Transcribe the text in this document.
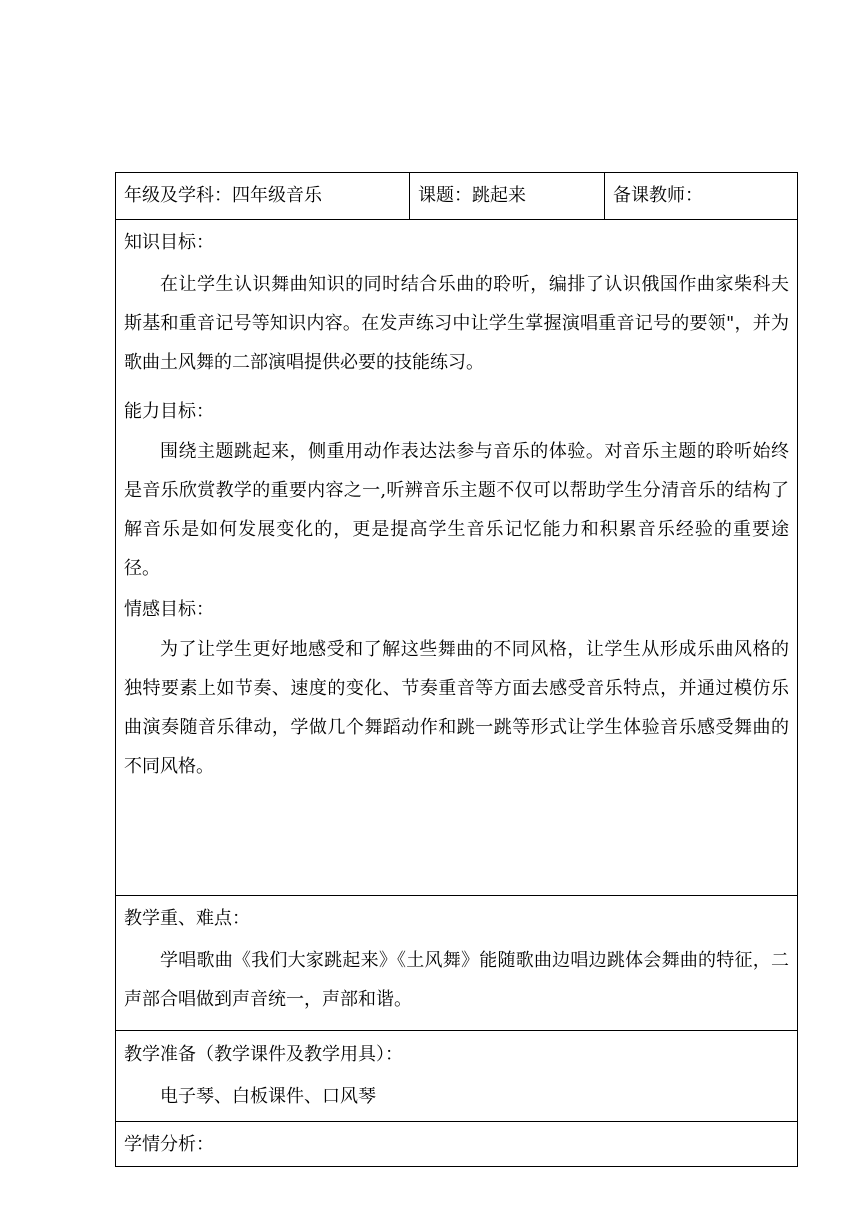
年级及学科：四年级音乐	课题：跳起来	备课教师：
知识目标：
在让学生认识舞曲知识的同时结合乐曲的聆听，编排了认识俄国作曲家柴科夫斯基和重音记号等知识内容。在发声练习中让学生掌握演唱重音记号的要领"，并为歌曲土风舞的二部演唱提供必要的技能练习。
能力目标：
围绕主题跳起来，侧重用动作表达法参与音乐的体验。对音乐主题的聆听始终是音乐欣赏教学的重要内容之一,听辨音乐主题不仅可以帮助学生分清音乐的结构了解音乐是如何发展变化的，更是提高学生音乐记忆能力和积累音乐经验的重要途径。
情感目标：
为了让学生更好地感受和了解这些舞曲的不同风格，让学生从形成乐曲风格的独特要素上如节奏、速度的变化、节奏重音等方面去感受音乐特点，并通过模仿乐曲演奏随音乐律动，学做几个舞蹈动作和跳一跳等形式让学生体验音乐感受舞曲的不同风格。
教学重、难点：
学唱歌曲《我们大家跳起来》《土风舞》能随歌曲边唱边跳体会舞曲的特征，二声部合唱做到声音统一，声部和谐。
教学准备（教学课件及教学用具）：
电子琴、白板课件、口风琴
学情分析：
